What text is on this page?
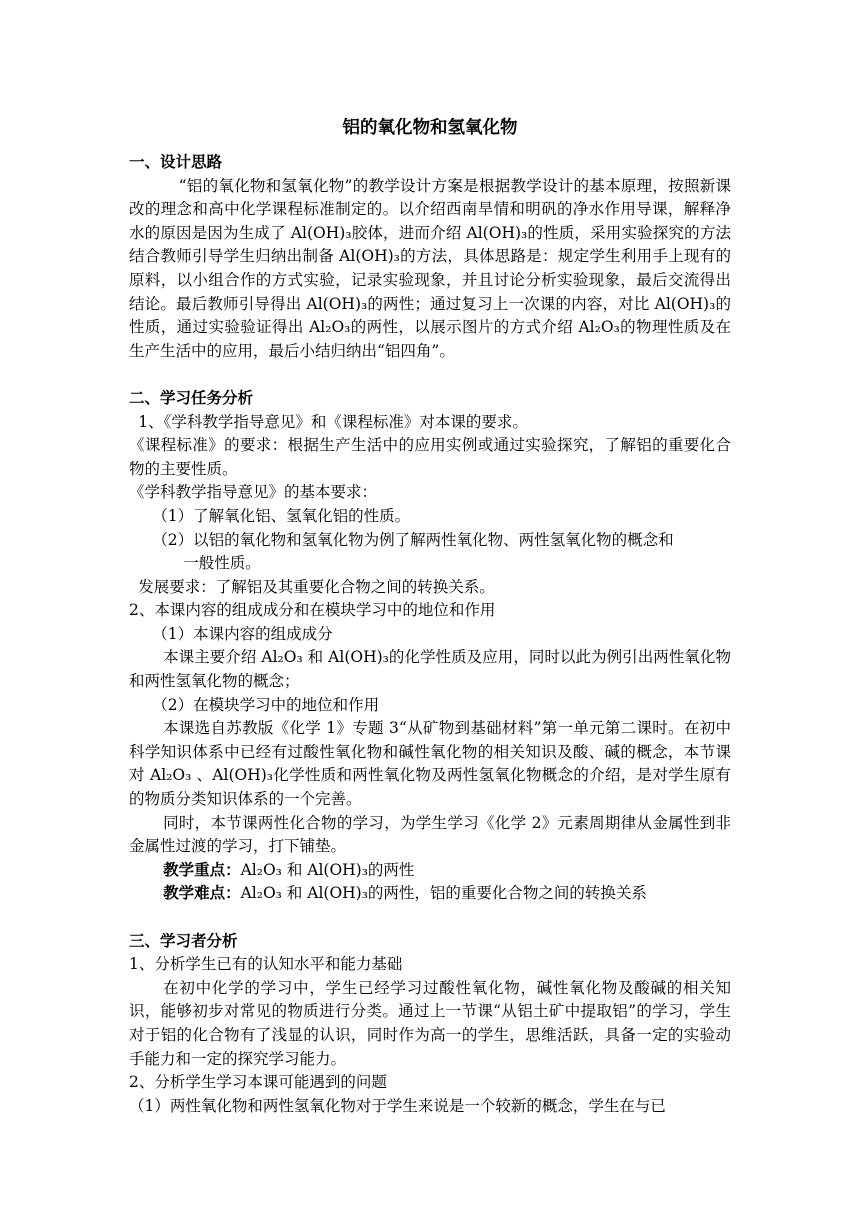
铝的氧化物和氢氧化物

一、设计思路

“铝的氧化物和氢氧化物”的教学设计方案是根据教学设计的基本原理，按照新课改的理念和高中化学课程标准制定的。以介绍西南旱情和明矾的净水作用导课，解释净水的原因是因为生成了 Al(OH)₃胶体，进而介绍 Al(OH)₃的性质，采用实验探究的方法结合教师引导学生归纳出制备 Al(OH)₃的方法，具体思路是：规定学生利用手上现有的原料，以小组合作的方式实验，记录实验现象，并且讨论分析实验现象，最后交流得出结论。最后教师引导得出 Al(OH)₃的两性；通过复习上一次课的内容，对比 Al(OH)₃的性质，通过实验验证得出 Al₂O₃的两性，以展示图片的方式介绍 Al₂O₃的物理性质及在生产生活中的应用，最后小结归纳出“铝四角”。

二、学习任务分析

1、《学科教学指导意见》和《课程标准》对本课的要求。

《课程标准》的要求：根据生产生活中的应用实例或通过实验探究，了解铝的重要化合物的主要性质。

《学科教学指导意见》的基本要求：

（1）了解氧化铝、氢氧化铝的性质。

（2）以铝的氧化物和氢氧化物为例了解两性氧化物、两性氢氧化物的概念和
一般性质。

发展要求：了解铝及其重要化合物之间的转换关系。

2、本课内容的组成成分和在模块学习中的地位和作用

（1）本课内容的组成成分

本课主要介绍 Al₂O₃ 和 Al(OH)₃的化学性质及应用，同时以此为例引出两性氧化物和两性氢氧化物的概念；

（2）在模块学习中的地位和作用

本课选自苏教版《化学 1》专题 3“从矿物到基础材料”第一单元第二课时。在初中科学知识体系中已经有过酸性氧化物和碱性氧化物的相关知识及酸、碱的概念，本节课对 Al₂O₃ 、Al(OH)₃化学性质和两性氧化物及两性氢氧化物概念的介绍，是对学生原有的物质分类知识体系的一个完善。

同时，本节课两性化合物的学习，为学生学习《化学 2》元素周期律从金属性到非金属性过渡的学习，打下铺垫。

教学重点：Al₂O₃ 和 Al(OH)₃的两性

教学难点：Al₂O₃ 和 Al(OH)₃的两性，铝的重要化合物之间的转换关系

三、学习者分析

1、分析学生已有的认知水平和能力基础

在初中化学的学习中，学生已经学习过酸性氧化物，碱性氧化物及酸碱的相关知识，能够初步对常见的物质进行分类。通过上一节课“从铝土矿中提取铝”的学习，学生对于铝的化合物有了浅显的认识，同时作为高一的学生，思维活跃，具备一定的实验动手能力和一定的探究学习能力。

2、分析学生学习本课可能遇到的问题

（1）两性氧化物和两性氢氧化物对于学生来说是一个较新的概念，学生在与已
